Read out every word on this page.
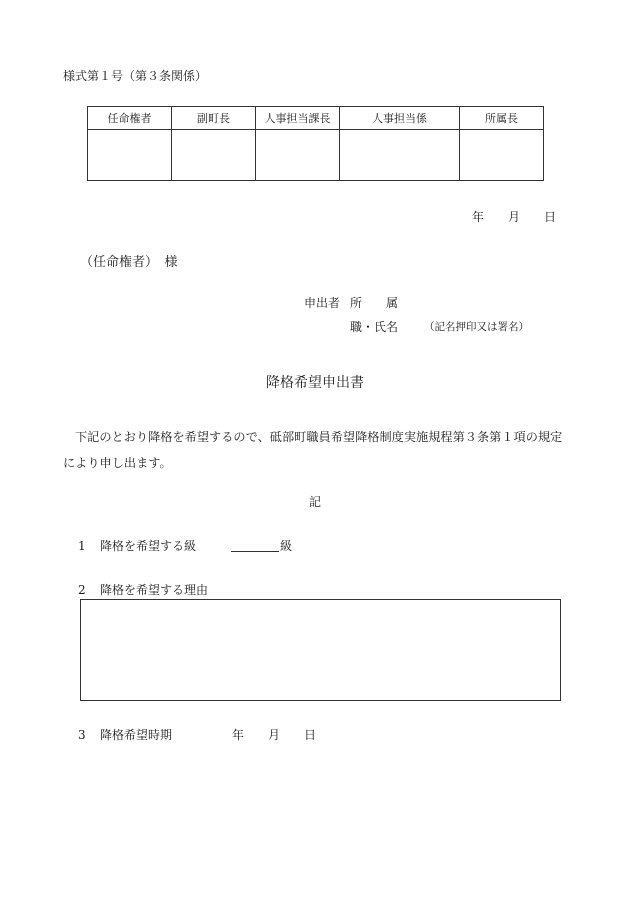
様式第１号（第３条関係）
任命権者	副町長	人事担当課長	人事担当係	所属長

年 月 日
（任命権者）　様
申出者 所　　属
職・氏名 （記名押印又は署名）
降格希望申出書
下記のとおり降格を希望するので、砥部町職員希望降格制度実施規程第３条第１項の規定により申し出ます。
記
1 降格を希望する級	級
2 降格を希望する理由
3 降格希望時期	年 月 日
